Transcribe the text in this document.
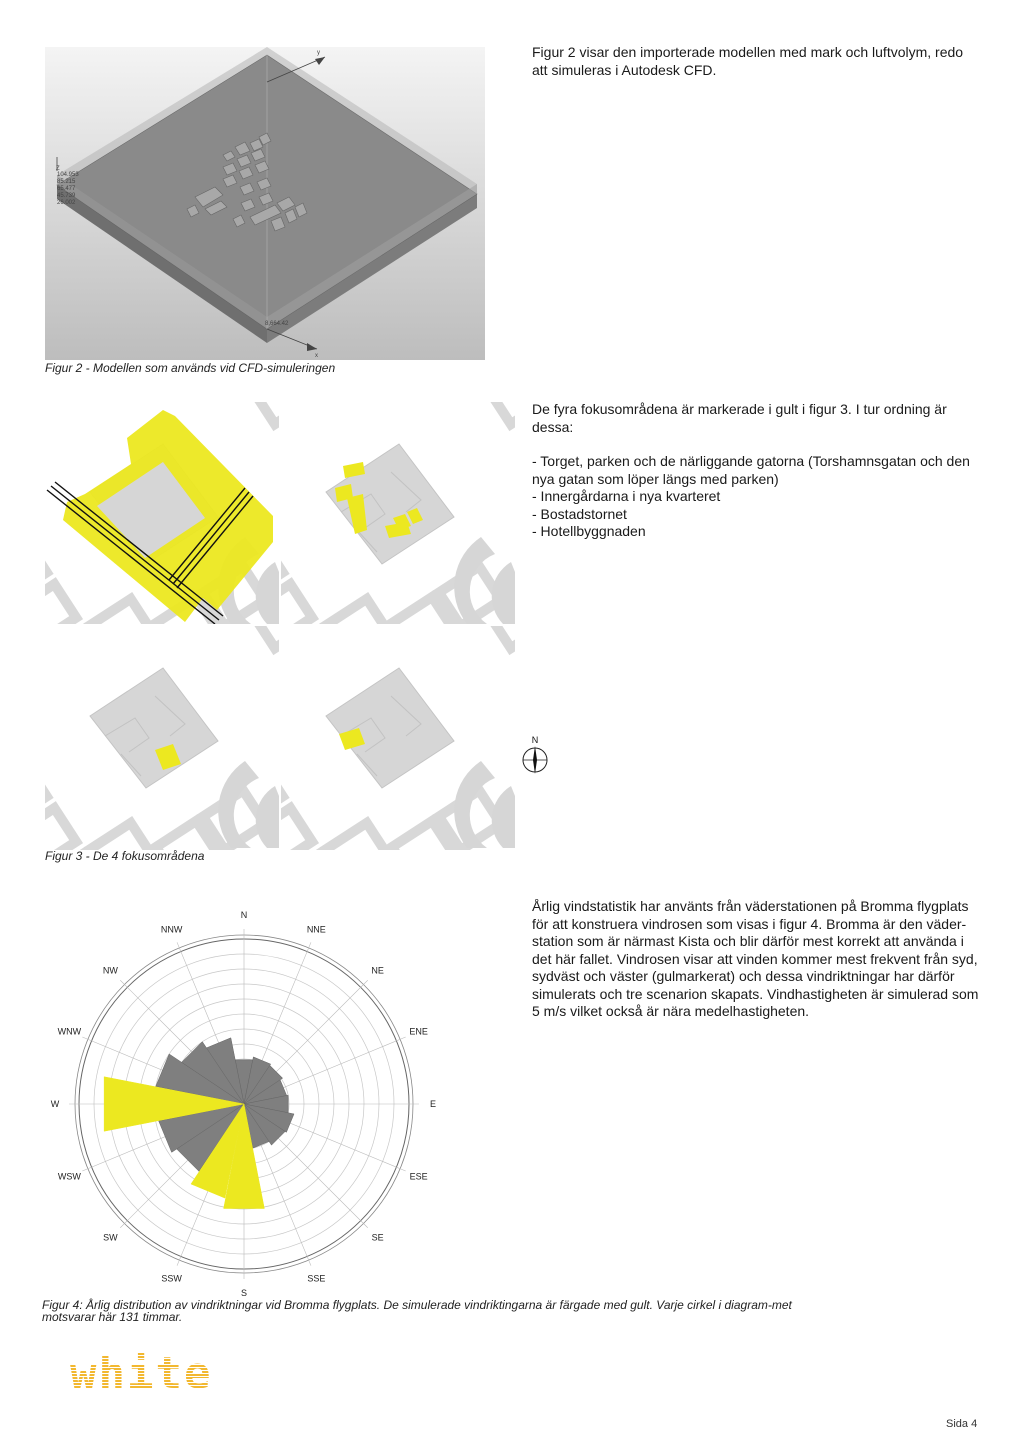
y
x
Z
104.953
85.215
65.477
45.739
26.002
8,664.42
Figur 2 - Modellen som används vid CFD-simuleringen

Figur 2 visar den importerade modellen med mark och luftvolym, redo att simuleras i Autodesk CFD.

Figur 3 - De 4 fokusområdena

De fyra fokusområdena är markerade i gult i figur 3. I tur ordning är dessa:

- Torget, parken och de närliggande gatorna (Torshamnsgatan och den nya gatan som löper längs med parken)

- Innergårdarna i nya kvarteret

- Bostadstornet

- Hotellbyggnaden

N
N
NNE
NE
ENE
E
ESE
SE
SSE
S
SSW
SW
WSW
W
WNW
NW
NNW

Årlig vindstatistik har använts från väderstationen på Bromma flygplats för att konstruera vindrosen som visas i figur 4. Bromma är den väder-station som är närmast Kista och blir därför mest korrekt att använda i det här fallet. Vindrosen visar att vinden kommer mest frekvent från syd, sydväst och väster (gulmarkerat) och dessa vindriktningar har därför simulerats och tre scenarion skapats. Vindhastigheten är simulerad som 5 m/s vilket också är nära medelhastigheten.

Figur 4: Årlig distribution av vindriktningar vid Bromma flygplats. De simulerade vindriktingarna är färgade med gult. Varje cirkel i diagram-met motsvarar här 131 timmar.
white
Sida 4
